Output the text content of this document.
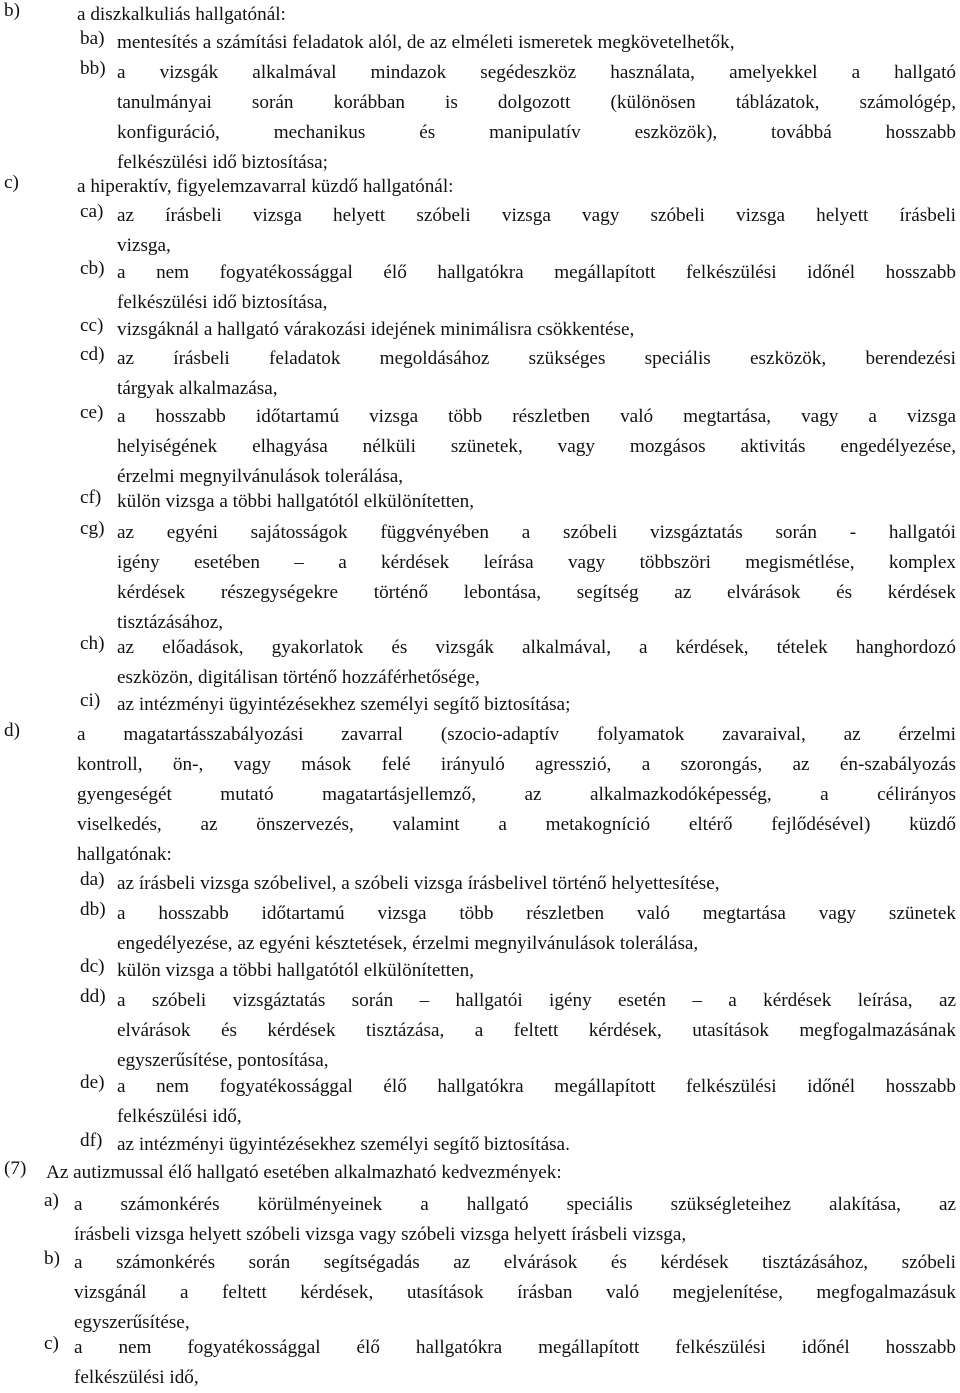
b)	a diszkalkuliás hallgatónál:
ba) mentesítés a számítási feladatok alól, de az elméleti ismeretek megkövetelhetők,
bb) a vizsgák alkalmával mindazok segédeszköz használata, amelyekkel a hallgató
tanulmányai során korábban is dolgozott (különösen táblázatok, számológép,
konfiguráció, mechanikus és manipulatív eszközök), továbbá hosszabb
felkészülési idő biztosítása;
c)	a hiperaktív, figyelemzavarral küzdő hallgatónál:
ca) az írásbeli vizsga helyett szóbeli vizsga vagy szóbeli vizsga helyett írásbeli
vizsga,
cb) a nem fogyatékossággal élő hallgatókra megállapított felkészülési időnél hosszabb
felkészülési idő biztosítása,
cc) vizsgáknál a hallgató várakozási idejének minimálisra csökkentése,
cd) az írásbeli feladatok megoldásához szükséges speciális eszközök, berendezési
tárgyak alkalmazása,
ce) a hosszabb időtartamú vizsga több részletben való megtartása, vagy a vizsga
helyiségének elhagyása nélküli szünetek, vagy mozgásos aktivitás engedélyezése,
érzelmi megnyilvánulások tolerálása,
cf) külön vizsga a többi hallgatótól elkülönítetten,
cg) az egyéni sajátosságok függvényében a szóbeli vizsgáztatás során - hallgatói
igény esetében – a kérdések leírása vagy többszöri megismétlése, komplex
kérdések részegységekre történő lebontása, segítség az elvárások és kérdések
tisztázásához,
ch) az előadások, gyakorlatok és vizsgák alkalmával, a kérdések, tételek hanghordozó
eszközön, digitálisan történő hozzáférhetősége,
ci) az intézményi ügyintézésekhez személyi segítő biztosítása;
d)	a magatartásszabályozási zavarral (szocio-adaptív folyamatok zavaraival, az érzelmi
kontroll, ön-, vagy mások felé irányuló agresszió, a szorongás, az én-szabályozás
gyengeségét mutató magatartásjellemző, az alkalmazkodóképesség, a célirányos
viselkedés, az önszervezés, valamint a metakogníció eltérő fejlődésével) küzdő
hallgatónak:
da) az írásbeli vizsga szóbelivel, a szóbeli vizsga írásbelivel történő helyettesítése,
db) a hosszabb időtartamú vizsga több részletben való megtartása vagy szünetek
engedélyezése, az egyéni késztetések, érzelmi megnyilvánulások tolerálása,
dc) külön vizsga a többi hallgatótól elkülönítetten,
dd) a szóbeli vizsgáztatás során – hallgatói igény esetén – a kérdések leírása, az
elvárások és kérdések tisztázása, a feltett kérdések, utasítások megfogalmazásának
egyszerűsítése, pontosítása,
de) a nem fogyatékossággal élő hallgatókra megállapított felkészülési időnél hosszabb
felkészülési idő,
df) az intézményi ügyintézésekhez személyi segítő biztosítása.
(7)	Az autizmussal élő hallgató esetében alkalmazható kedvezmények:
a) a számonkérés körülményeinek a hallgató speciális szükségleteihez alakítása, az
írásbeli vizsga helyett szóbeli vizsga vagy szóbeli vizsga helyett írásbeli vizsga,
b) a számonkérés során segítségadás az elvárások és kérdések tisztázásához, szóbeli
vizsgánál a feltett kérdések, utasítások írásban való megjelenítése, megfogalmazásuk
egyszerűsítése,
c) a nem fogyatékossággal élő hallgatókra megállapított felkészülési időnél hosszabb
felkészülési idő,
